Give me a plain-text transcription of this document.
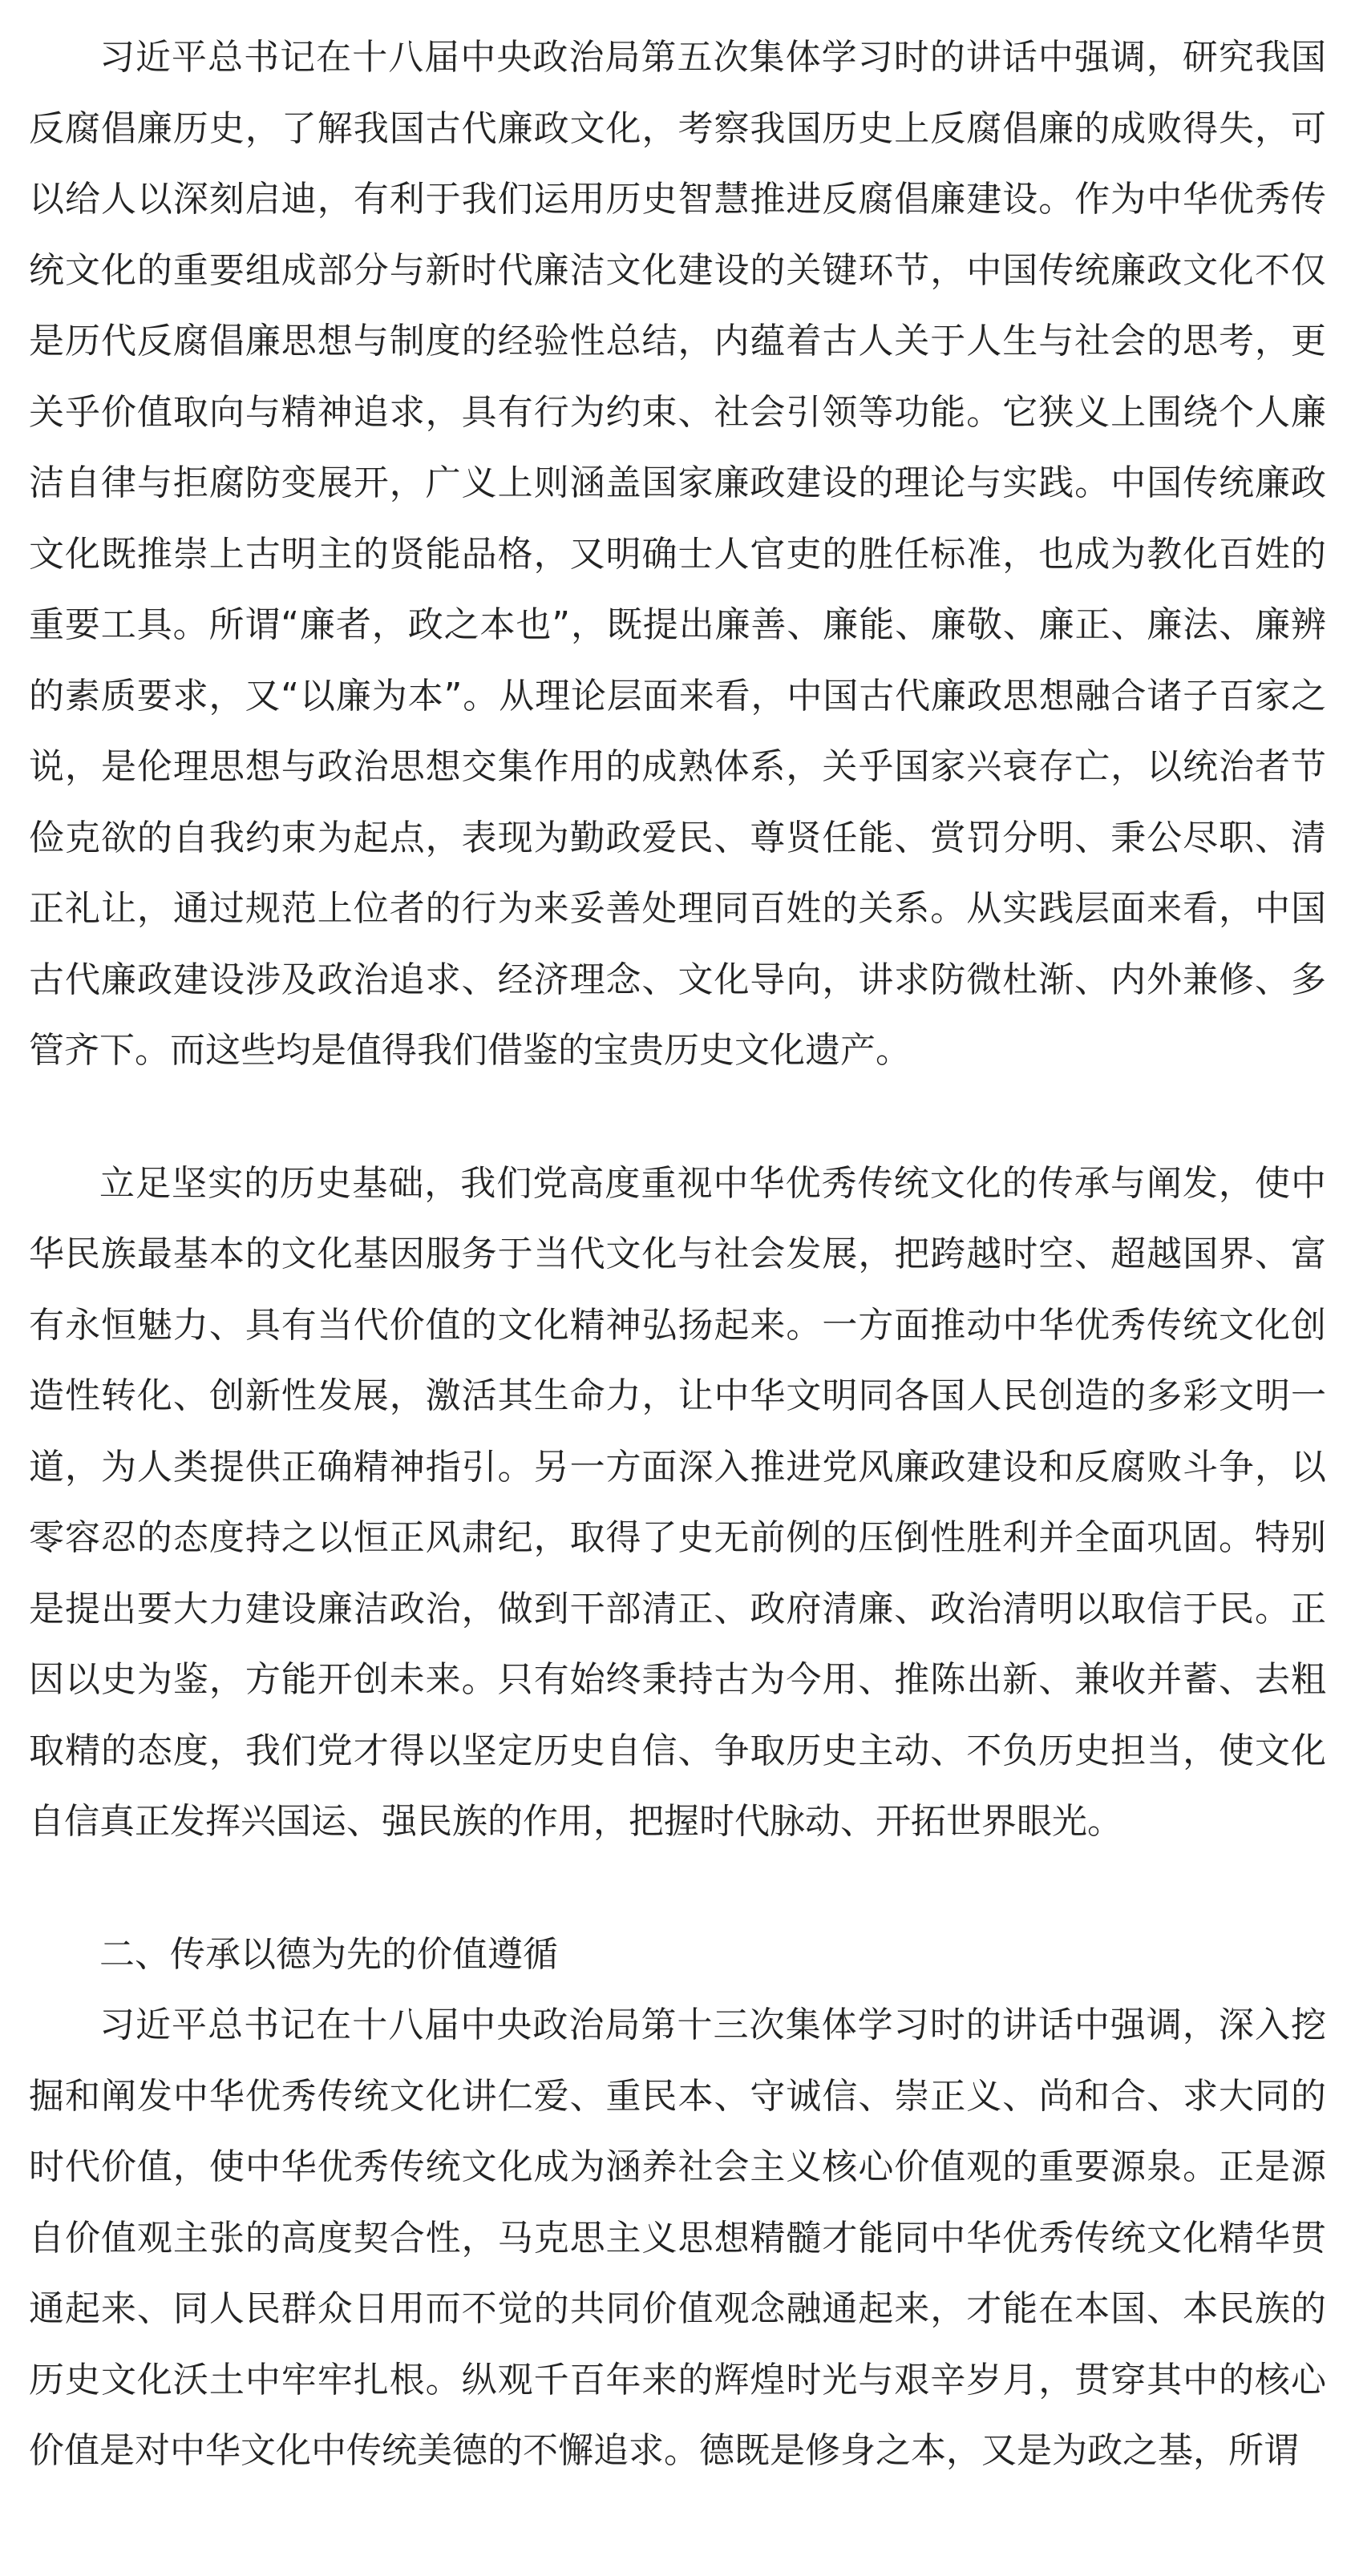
习近平总书记在十八届中央政治局第五次集体学习时的讲话中强调，研究我国反腐倡廉历史，了解我国古代廉政文化，考察我国历史上反腐倡廉的成败得失，可以给人以深刻启迪，有利于我们运用历史智慧推进反腐倡廉建设。作为中华优秀传统文化的重要组成部分与新时代廉洁文化建设的关键环节，中国传统廉政文化不仅是历代反腐倡廉思想与制度的经验性总结，内蕴着古人关于人生与社会的思考，更关乎价值取向与精神追求，具有行为约束、社会引领等功能。它狭义上围绕个人廉洁自律与拒腐防变展开，广义上则涵盖国家廉政建设的理论与实践。中国传统廉政文化既推崇上古明主的贤能品格，又明确士人官吏的胜任标准，也成为教化百姓的重要工具。所谓“廉者，政之本也”，既提出廉善、廉能、廉敬、廉正、廉法、廉辨的素质要求，又“以廉为本”。从理论层面来看，中国古代廉政思想融合诸子百家之说，是伦理思想与政治思想交集作用的成熟体系，关乎国家兴衰存亡，以统治者节俭克欲的自我约束为起点，表现为勤政爱民、尊贤任能、赏罚分明、秉公尽职、清正礼让，通过规范上位者的行为来妥善处理同百姓的关系。从实践层面来看，中国古代廉政建设涉及政治追求、经济理念、文化导向，讲求防微杜渐、内外兼修、多管齐下。而这些均是值得我们借鉴的宝贵历史文化遗产。

立足坚实的历史基础，我们党高度重视中华优秀传统文化的传承与阐发，使中华民族最基本的文化基因服务于当代文化与社会发展，把跨越时空、超越国界、富有永恒魅力、具有当代价值的文化精神弘扬起来。一方面推动中华优秀传统文化创造性转化、创新性发展，激活其生命力，让中华文明同各国人民创造的多彩文明一道，为人类提供正确精神指引。另一方面深入推进党风廉政建设和反腐败斗争，以零容忍的态度持之以恒正风肃纪，取得了史无前例的压倒性胜利并全面巩固。特别是提出要大力建设廉洁政治，做到干部清正、政府清廉、政治清明以取信于民。正因以史为鉴，方能开创未来。只有始终秉持古为今用、推陈出新、兼收并蓄、去粗取精的态度，我们党才得以坚定历史自信、争取历史主动、不负历史担当，使文化自信真正发挥兴国运、强民族的作用，把握时代脉动、开拓世界眼光。

二、传承以德为先的价值遵循

习近平总书记在十八届中央政治局第十三次集体学习时的讲话中强调，深入挖掘和阐发中华优秀传统文化讲仁爱、重民本、守诚信、崇正义、尚和合、求大同的时代价值，使中华优秀传统文化成为涵养社会主义核心价值观的重要源泉。正是源自价值观主张的高度契合性，马克思主义思想精髓才能同中华优秀传统文化精华贯通起来、同人民群众日用而不觉的共同价值观念融通起来，才能在本国、本民族的历史文化沃土中牢牢扎根。纵观千百年来的辉煌时光与艰辛岁月，贯穿其中的核心价值是对中华文化中传统美德的不懈追求。德既是修身之本，又是为政之基，所谓
